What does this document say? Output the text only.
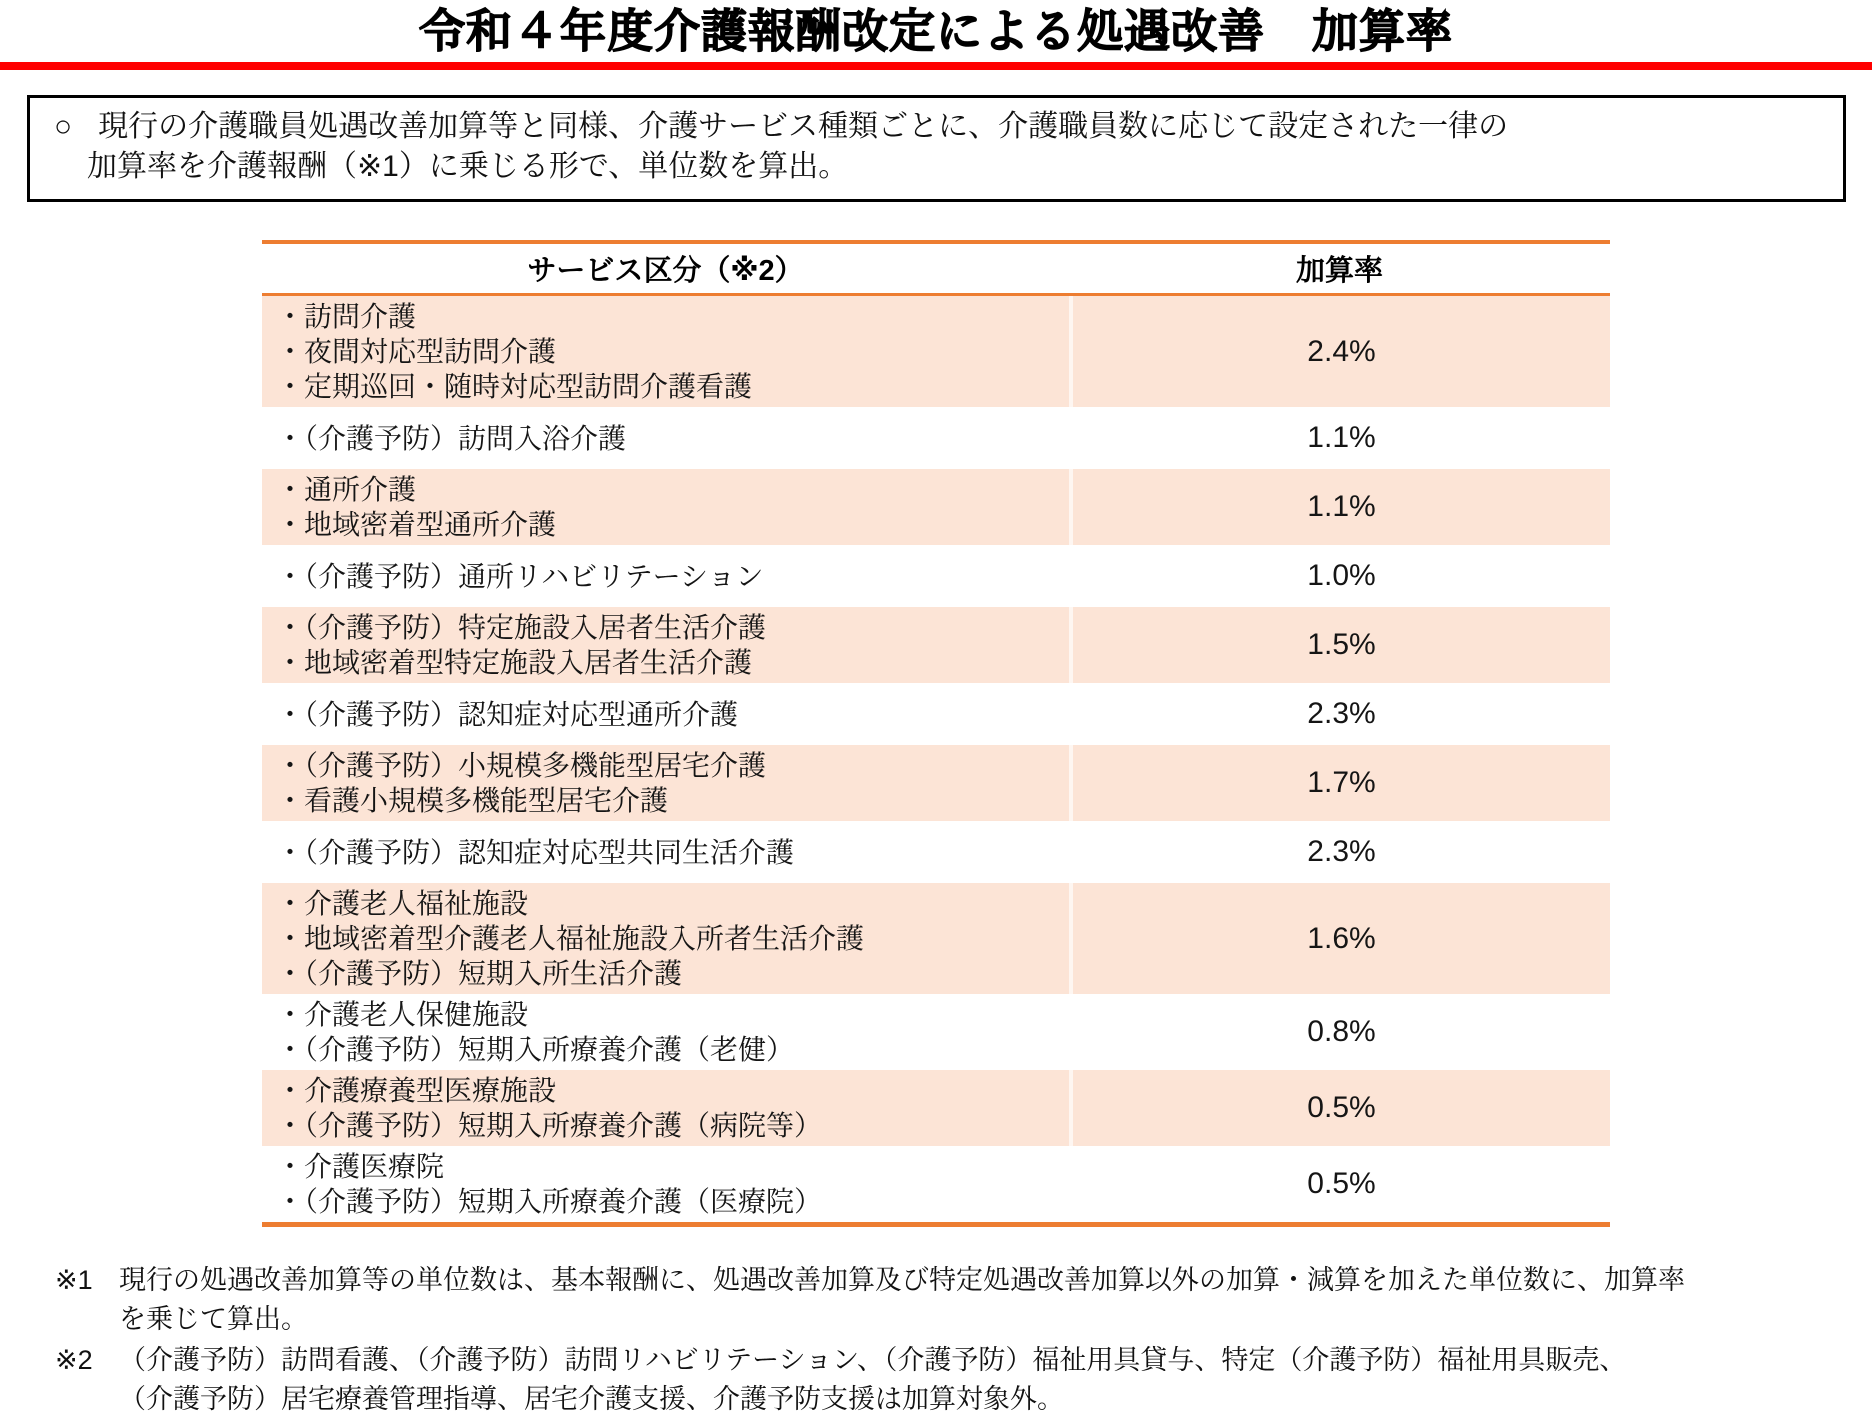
令和４年度介護報酬改定による処遇改善　加算率
○ 現行の介護職員処遇改善加算等と同様、介護サービス種類ごとに、介護職員数に応じて設定された一律の
加算率を介護報酬（※1）に乗じる形で、単位数を算出。
サービス区分（※2）	加算率
・訪問介護
・夜間対応型訪問介護
・定期巡回・随時対応型訪問介護看護
2.4%
・（介護予防）訪問入浴介護	1.1%
・通所介護
・地域密着型通所介護
1.1%
・（介護予防）通所リハビリテーション	1.0%
・（介護予防）特定施設入居者生活介護
・地域密着型特定施設入居者生活介護
1.5%
・（介護予防）認知症対応型通所介護	2.3%
・（介護予防）小規模多機能型居宅介護
・看護小規模多機能型居宅介護
1.7%
・（介護予防）認知症対応型共同生活介護	2.3%
・介護老人福祉施設
・地域密着型介護老人福祉施設入所者生活介護
・（介護予防）短期入所生活介護
1.6%
・介護老人保健施設
・（介護予防）短期入所療養介護（老健）
0.8%
・介護療養型医療施設
・（介護予防）短期入所療養介護（病院等）
0.5%
・介護医療院
・（介護予防）短期入所療養介護（医療院）
0.5%
※1 現行の処遇改善加算等の単位数は、基本報酬に、処遇改善加算及び特定処遇改善加算以外の加算・減算を加えた単位数に、加算率
を乗じて算出。
※2 （介護予防）訪問看護、（介護予防）訪問リハビリテーション、（介護予防）福祉用具貸与、特定（介護予防）福祉用具販売、
（介護予防）居宅療養管理指導、居宅介護支援、介護予防支援は加算対象外。
